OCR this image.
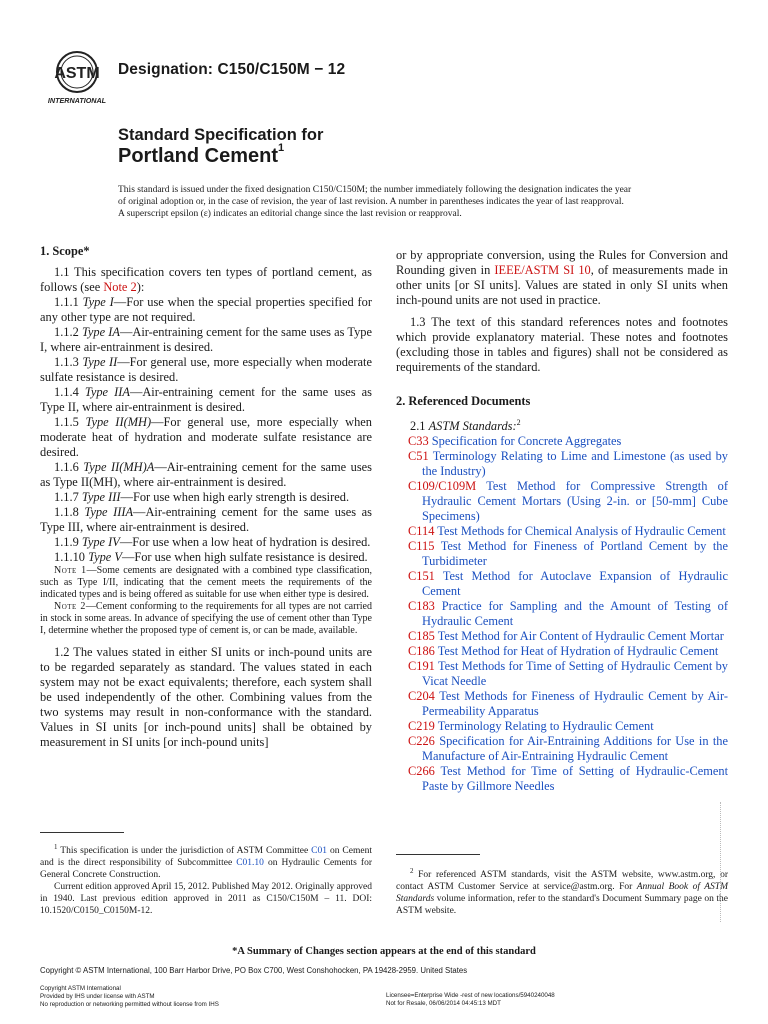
ASTM
INTERNATIONAL
Designation: C150/C150M − 12
Standard Specification for
Portland Cement$^1$
This standard is issued under the fixed designation C150/C150M; the number immediately following the designation indicates the year
of original adoption or, in the case of revision, the year of last revision. A number in parentheses indicates the year of last reapproval.
A superscript epsilon (ε) indicates an editorial change since the last revision or reapproval.

1. Scope*

1.1 This specification covers ten types of portland cement, as follows (see Note 2):

1.1.1 Type I—For use when the special properties specified for any other type are not required.

1.1.2 Type IA—Air-entraining cement for the same uses as Type I, where air-entrainment is desired.

1.1.3 Type II—For general use, more especially when moderate sulfate resistance is desired.

1.1.4 Type IIA—Air-entraining cement for the same uses as Type II, where air-entrainment is desired.

1.1.5 Type II(MH)—For general use, more especially when moderate heat of hydration and moderate sulfate resistance are desired.

1.1.6 Type II(MH)A—Air-entraining cement for the same uses as Type II(MH), where air-entrainment is desired.

1.1.7 Type III—For use when high early strength is desired.

1.1.8 Type IIIA—Air-entraining cement for the same uses as Type III, where air-entrainment is desired.

1.1.9 Type IV—For use when a low heat of hydration is desired.

1.1.10 Type V—For use when high sulfate resistance is desired.

Note 1—Some cements are designated with a combined type classification, such as Type I/II, indicating that the cement meets the requirements of the indicated types and is being offered as suitable for use when either type is desired.

Note 2—Cement conforming to the requirements for all types are not carried in stock in some areas. In advance of specifying the use of cement other than Type I, determine whether the proposed type of cement is, or can be made, available.

1.2 The values stated in either SI units or inch-pound units are to be regarded separately as standard. The values stated in each system may not be exact equivalents; therefore, each system shall be used independently of the other. Combining values from the two systems may result in non-conformance with the standard. Values in SI units [or inch-pound units] shall be obtained by measurement in SI units [or inch-pound units]

$^1$ This specification is under the jurisdiction of ASTM Committee C01 on Cement and is the direct responsibility of Subcommittee C01.10 on Hydraulic Cements for General Concrete Construction.

Current edition approved April 15, 2012. Published May 2012. Originally approved in 1940. Last previous edition approved in 2011 as C150/C150M – 11. DOI: 10.1520/C0150_C0150M-12.

or by appropriate conversion, using the Rules for Conversion and Rounding given in IEEE/ASTM SI 10, of measurements made in other units [or SI units]. Values are stated in only SI units when inch-pound units are not used in practice.

1.3 The text of this standard references notes and footnotes which provide explanatory material. These notes and footnotes (excluding those in tables and figures) shall not be considered as requirements of the standard.

2. Referenced Documents

2.1 ASTM Standards:$^2$

C33 Specification for Concrete Aggregates

C51 Terminology Relating to Lime and Limestone (as used by the Industry)

C109/C109M Test Method for Compressive Strength of Hydraulic Cement Mortars (Using 2-in. or [50-mm] Cube Specimens)

C114 Test Methods for Chemical Analysis of Hydraulic Cement

C115 Test Method for Fineness of Portland Cement by the Turbidimeter

C151 Test Method for Autoclave Expansion of Hydraulic Cement

C183 Practice for Sampling and the Amount of Testing of Hydraulic Cement

C185 Test Method for Air Content of Hydraulic Cement Mortar

C186 Test Method for Heat of Hydration of Hydraulic Cement

C191 Test Methods for Time of Setting of Hydraulic Cement by Vicat Needle

C204 Test Methods for Fineness of Hydraulic Cement by Air-Permeability Apparatus

C219 Terminology Relating to Hydraulic Cement

C226 Specification for Air-Entraining Additions for Use in the Manufacture of Air-Entraining Hydraulic Cement

C266 Test Method for Time of Setting of Hydraulic-Cement Paste by Gillmore Needles

$^2$ For referenced ASTM standards, visit the ASTM website, www.astm.org, or contact ASTM Customer Service at service@astm.org. For Annual Book of ASTM Standards volume information, refer to the standard's Document Summary page on the ASTM website.

*A Summary of Changes section appears at the end of this standard
Copyright © ASTM International, 100 Barr Harbor Drive, PO Box C700, West Conshohocken, PA 19428-2959. United States
Copyright ASTM International
Provided by IHS under license with ASTM
No reproduction or networking permitted without license from IHS
Licensee=Enterprise Wide -rest of new locations/5940240048
Not for Resale, 06/06/2014 04:45:13 MDT
